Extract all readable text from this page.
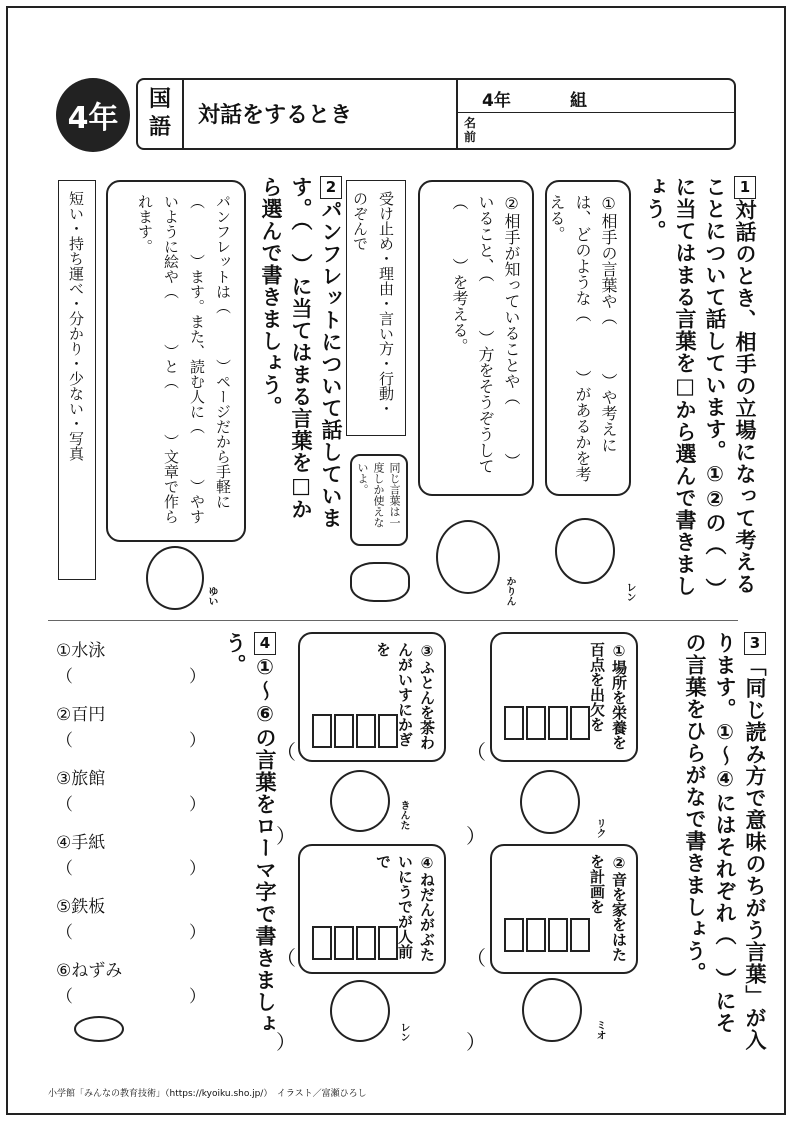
4年
国
語 対話をするとき
4年	組
名前
1対話のとき、相手の立場になって考えることについて話しています。①②の（　）に当てはまる言葉を□から選んで書きましょう。
①相手の言葉や（　　　）や考えには、どのような（　　　）があるかを考える。
②相手が知っていることや（　　　）いること、（　　　）方をそうぞうして（　　　）を考える。
受け止め・理由・言い方・行動・のぞんで
同じ言葉は一度しか使えないよ。
レン
かりん
2パンフレットについて話しています。（　）に当てはまる言葉を□から選んで書きましょう。
パンフレットは（　　　）ページだから手軽に（　　　）ます。また、読む人に（　　　）やすいように絵や（　　　）と（　　　）文章で作られます。
短い・持ち運べ・分かり・少ない・写真
ゆい
3「同じ読み方で意味のちがう言葉」が入ります。①〜④にはそれぞれ（　）にその言葉をひらがなで書きましょう。
①場所を栄養を百点を出欠を
②音を家をはたを計画を
③ふとんを茶わんがいすにかぎを
④ねだんがぶたいにうでが人前で
（
）
（
）
（
）
（
）
リク
ミオ
きんた
レン
4①〜⑥の言葉をローマ字で書きましょう。
①水泳
（	）
②百円
（	）
③旅館
（	）
④手紙
（	）
⑤鉄板
（	）
⑥ねずみ
（	）
小学館「みんなの教育技術」（https://kyoiku.sho.jp/）　イラスト／富瀬ひろし
